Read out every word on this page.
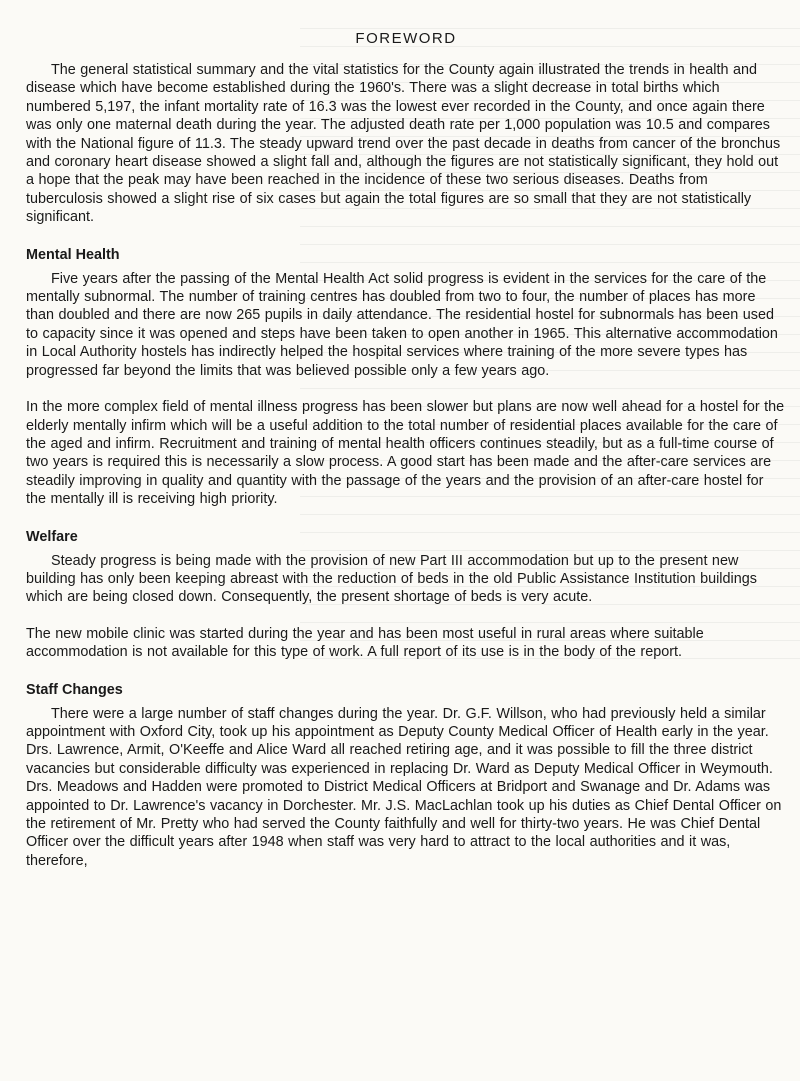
FOREWORD

The general statistical summary and the vital statistics for the County again illustrated the trends in health and disease which have become established during the 1960's. There was a slight decrease in total births which numbered 5,197, the infant mortality rate of 16.3 was the lowest ever recorded in the County, and once again there was only one maternal death during the year. The adjusted death rate per 1,000 population was 10.5 and compares with the National figure of 11.3. The steady upward trend over the past decade in deaths from cancer of the bronchus and coronary heart disease showed a slight fall and, although the figures are not statistically significant, they hold out a hope that the peak may have been reached in the incidence of these two serious diseases. Deaths from tuberculosis showed a slight rise of six cases but again the total figures are so small that they are not statistically significant.

Mental Health

Five years after the passing of the Mental Health Act solid progress is evident in the services for the care of the mentally subnormal. The number of training centres has doubled from two to four, the number of places has more than doubled and there are now 265 pupils in daily attendance. The residential hostel for subnormals has been used to capacity since it was opened and steps have been taken to open another in 1965. This alternative accommodation in Local Authority hostels has indirectly helped the hospital services where training of the more severe types has progressed far beyond the limits that was believed possible only a few years ago.

In the more complex field of mental illness progress has been slower but plans are now well ahead for a hostel for the elderly mentally infirm which will be a useful addition to the total number of residential places available for the care of the aged and infirm. Recruitment and training of mental health officers continues steadily, but as a full-time course of two years is required this is necessarily a slow process. A good start has been made and the after-care services are steadily improving in quality and quantity with the passage of the years and the provision of an after-care hostel for the mentally ill is receiving high priority.

Welfare

Steady progress is being made with the provision of new Part III accommodation but up to the present new building has only been keeping abreast with the reduction of beds in the old Public Assistance Institution buildings which are being closed down. Consequently, the present shortage of beds is very acute.

The new mobile clinic was started during the year and has been most useful in rural areas where suitable accommodation is not available for this type of work. A full report of its use is in the body of the report.

Staff Changes

There were a large number of staff changes during the year. Dr. G.F. Willson, who had previously held a similar appointment with Oxford City, took up his appointment as Deputy County Medical Officer of Health early in the year. Drs. Lawrence, Armit, O'Keeffe and Alice Ward all reached retiring age, and it was possible to fill the three district vacancies but considerable difficulty was experienced in replacing Dr. Ward as Deputy Medical Officer in Weymouth. Drs. Meadows and Hadden were promoted to District Medical Officers at Bridport and Swanage and Dr. Adams was appointed to Dr. Lawrence's vacancy in Dorchester. Mr. J.S. MacLachlan took up his duties as Chief Dental Officer on the retirement of Mr. Pretty who had served the County faithfully and well for thirty-two years. He was Chief Dental Officer over the difficult years after 1948 when staff was very hard to attract to the local authorities and it was, therefore,
